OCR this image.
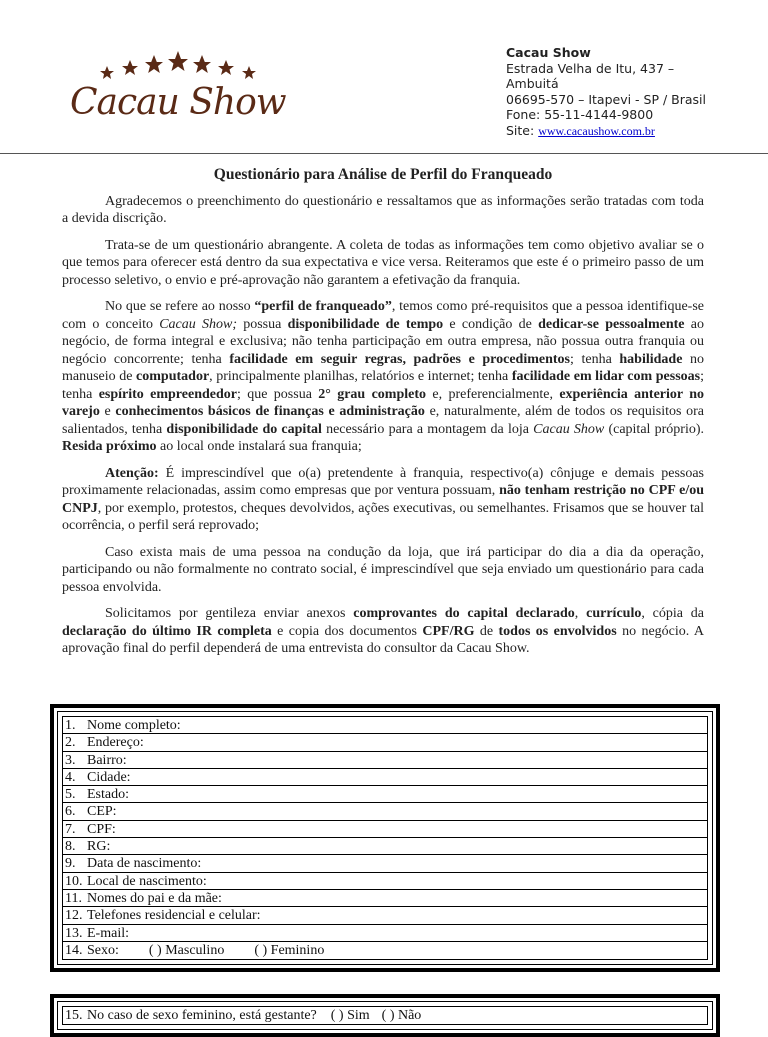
Cacau Show
Cacau Show
Estrada Velha de Itu, 437 –
Ambuitá
06695-570 – Itapevi - SP / Brasil
Fone: 55-11-4144-9800
Site: www.cacaushow.com.br
Questionário para Análise de Perfil do Franqueado

Agradecemos o preenchimento do questionário e ressaltamos que as informações serão tratadas com toda a devida discrição.

Trata-se de um questionário abrangente. A coleta de todas as informações tem como objetivo avaliar se o que temos para oferecer está dentro da sua expectativa e vice versa. Reiteramos que este é o primeiro passo de um processo seletivo, o envio e pré-aprovação não garantem a efetivação da franquia.

No que se refere ao nosso “perfil de franqueado”, temos como pré-requisitos que a pessoa identifique-se com o conceito Cacau Show; possua disponibilidade de tempo e condição de dedicar-se pessoalmente ao negócio, de forma integral e exclusiva; não tenha participação em outra empresa, não possua outra franquia ou negócio concorrente; tenha facilidade em seguir regras, padrões e procedimentos; tenha habilidade no manuseio de computador, principalmente planilhas, relatórios e internet; tenha facilidade em lidar com pessoas; tenha espírito empreendedor; que possua 2° grau completo e, preferencialmente, experiência anterior no varejo e conhecimentos básicos de finanças e administração e, naturalmente, além de todos os requisitos ora salientados, tenha disponibilidade do capital necessário para a montagem da loja Cacau Show (capital próprio). Resida próximo ao local onde instalará sua franquia;

Atenção: É imprescindível que o(a) pretendente à franquia, respectivo(a) cônjuge e demais pessoas proximamente relacionadas, assim como empresas que por ventura possuam, não tenham restrição no CPF e/ou CNPJ, por exemplo, protestos, cheques devolvidos, ações executivas, ou semelhantes. Frisamos que se houver tal ocorrência, o perfil será reprovado;

Caso exista mais de uma pessoa na condução da loja, que irá participar do dia a dia da operação, participando ou não formalmente no contrato social, é imprescindível que seja enviado um questionário para cada pessoa envolvida.

Solicitamos por gentileza enviar anexos comprovantes do capital declarado, currículo, cópia da declaração do último IR completa e copia dos documentos CPF/RG de todos os envolvidos no negócio. A aprovação final do perfil dependerá de uma entrevista do consultor da Cacau Show.

1. Nome completo:
2. Endereço:
3. Bairro:
4. Cidade:
5. Estado:
6. CEP:
7. CPF:
8. RG:
9. Data de nascimento:
10. Local de nascimento:
11. Nomes do pai e da mãe:
12. Telefones residencial e celular:
13. E-mail:
14. Sexo: ( ) Masculino ( ) Feminino
15. No caso de sexo feminino, está gestante? ( ) Sim ( ) Não
